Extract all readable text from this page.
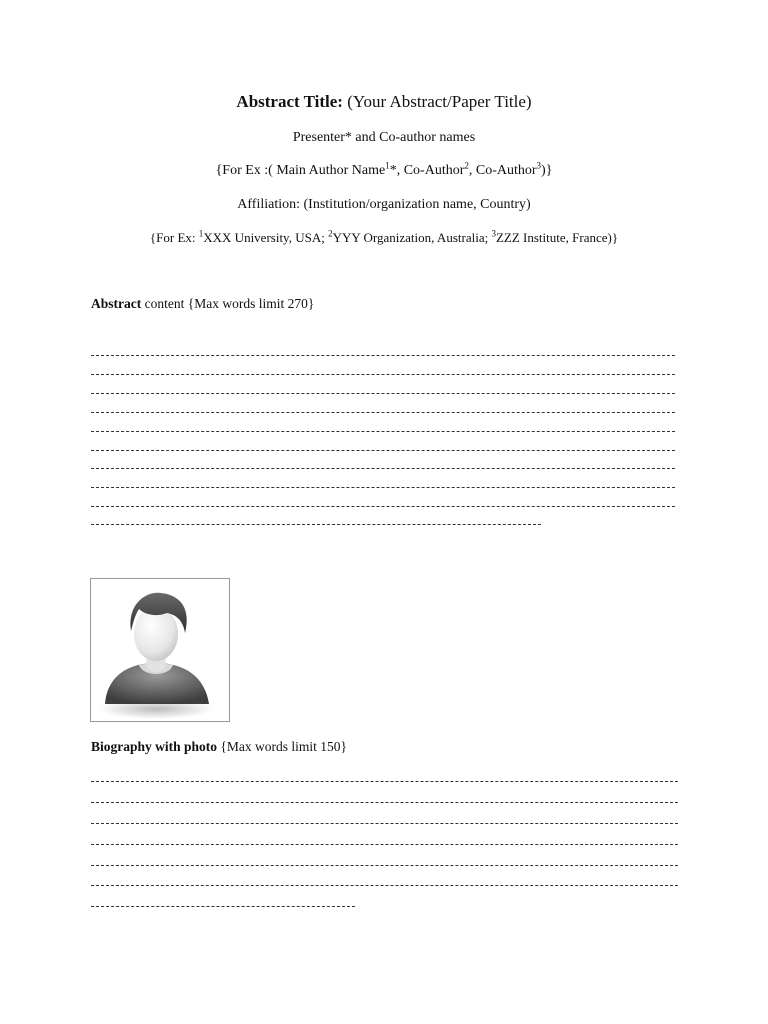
Abstract Title: (Your Abstract/Paper Title)
Presenter* and Co-author names
{For Ex :( Main Author Name$^1$*, Co-Author$^2$, Co-Author$^3$)}
Affiliation: (Institution/organization name, Country)
{For Ex: $^1$XXX University, USA; $^2$YYY Organization, Australia; $^3$ZZZ Institute, France)}
Abstract content {Max words limit 270}
Biography with photo {Max words limit 150}
